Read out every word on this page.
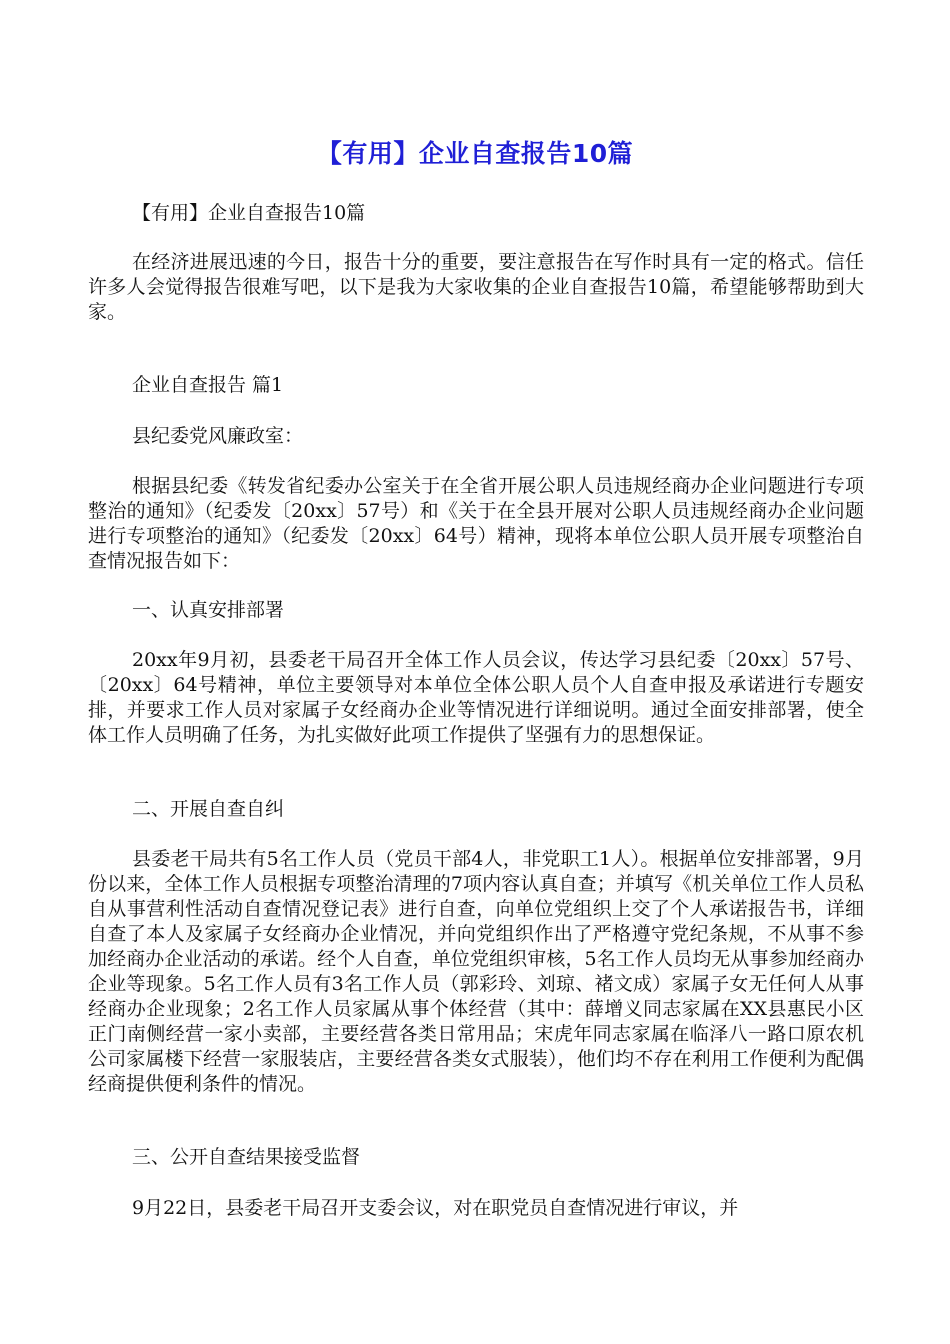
【有用】企业自查报告10篇

【有用】企业自查报告10篇

在经济进展迅速的今日，报告十分的重要，要注意报告在写作时具有一定的格式。信任许多人会觉得报告很难写吧，以下是我为大家收集的企业自查报告10篇，希望能够帮助到大家。

企业自查报告 篇1

县纪委党风廉政室：

根据县纪委《转发省纪委办公室关于在全省开展公职人员违规经商办企业问题进行专项整治的通知》（纪委发〔20xx〕57号）和《关于在全县开展对公职人员违规经商办企业问题进行专项整治的通知》（纪委发〔20xx〕64号）精神，现将本单位公职人员开展专项整治自查情况报告如下：

一、认真安排部署

20xx年9月初，县委老干局召开全体工作人员会议，传达学习县纪委〔20xx〕57号、〔20xx〕64号精神，单位主要领导对本单位全体公职人员个人自查申报及承诺进行专题安排，并要求工作人员对家属子女经商办企业等情况进行详细说明。通过全面安排部署，使全体工作人员明确了任务，为扎实做好此项工作提供了坚强有力的思想保证。

二、开展自查自纠

县委老干局共有5名工作人员（党员干部4人，非党职工1人）。根据单位安排部署，9月份以来，全体工作人员根据专项整治清理的7项内容认真自查；并填写《机关单位工作人员私自从事营利性活动自查情况登记表》进行自查，向单位党组织上交了个人承诺报告书，详细自查了本人及家属子女经商办企业情况，并向党组织作出了严格遵守党纪条规，不从事不参加经商办企业活动的承诺。经个人自查，单位党组织审核，5名工作人员均无从事参加经商办企业等现象。5名工作人员有3名工作人员（郭彩玲、刘琼、褚文成）家属子女无任何人从事经商办企业现象；2名工作人员家属从事个体经营（其中：薛增义同志家属在XX县惠民小区正门南侧经营一家小卖部，主要经营各类日常用品；宋虎年同志家属在临泽八一路口原农机公司家属楼下经营一家服装店，主要经营各类女式服装），他们均不存在利用工作便利为配偶经商提供便利条件的情况。

三、公开自查结果接受监督

9月22日，县委老干局召开支委会议，对在职党员自查情况进行审议，并
